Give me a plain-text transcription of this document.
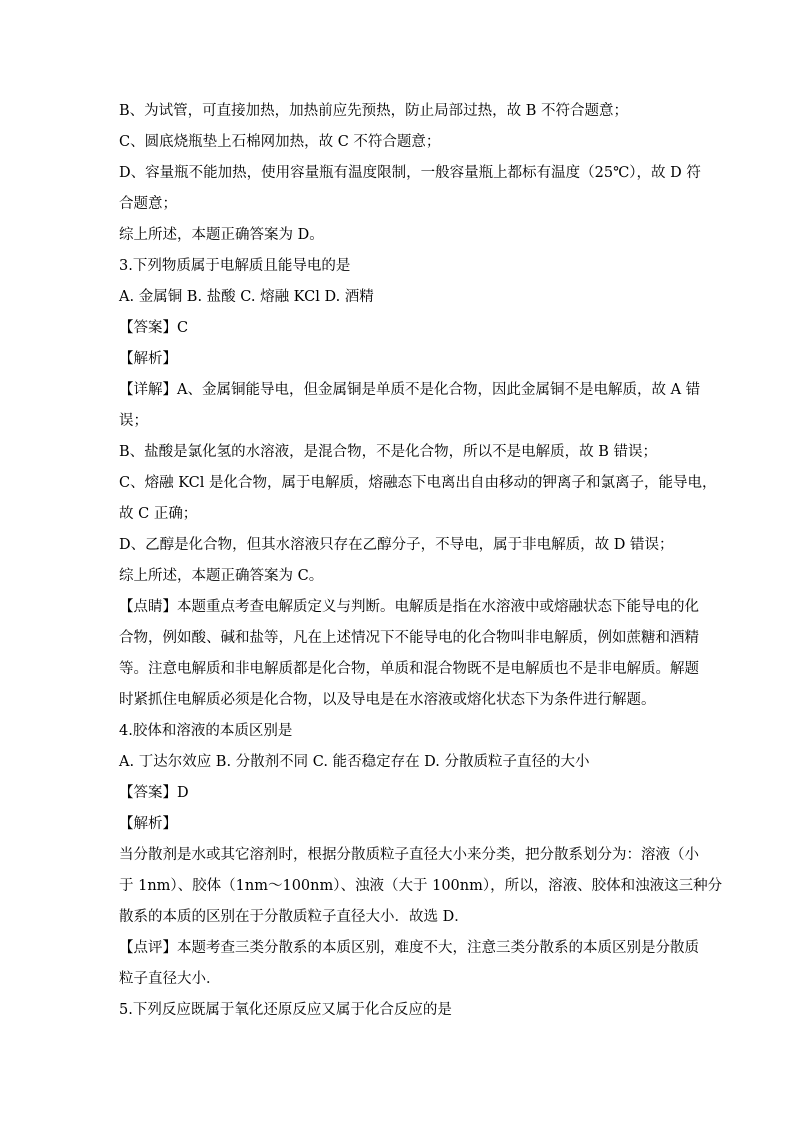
B、为试管，可直接加热，加热前应先预热，防止局部过热，故 B 不符合题意；
C、圆底烧瓶垫上石棉网加热，故 C 不符合题意；
D、容量瓶不能加热，使用容量瓶有温度限制，一般容量瓶上都标有温度（25℃），故 D 符
合题意；
综上所述，本题正确答案为 D。
3.下列物质属于电解质且能导电的是
A. 金属铜 B. 盐酸 C. 熔融 KCl D. 酒精
【答案】C
【解析】
【详解】A、金属铜能导电，但金属铜是单质不是化合物，因此金属铜不是电解质，故 A 错
误；
B、盐酸是氯化氢的水溶液，是混合物，不是化合物，所以不是电解质，故 B 错误；
C、熔融 KCl 是化合物，属于电解质，熔融态下电离出自由移动的钾离子和氯离子，能导电，
故 C 正确；
D、乙醇是化合物，但其水溶液只存在乙醇分子，不导电，属于非电解质，故 D 错误；
综上所述，本题正确答案为 C。
【点睛】本题重点考查电解质定义与判断。电解质是指在水溶液中或熔融状态下能导电的化
合物，例如酸、碱和盐等，凡在上述情况下不能导电的化合物叫非电解质，例如蔗糖和酒精
等。注意电解质和非电解质都是化合物，单质和混合物既不是电解质也不是非电解质。解题
时紧抓住电解质必须是化合物，以及导电是在水溶液或熔化状态下为条件进行解题。
4.胶体和溶液的本质区别是
A. 丁达尔效应 B. 分散剂不同 C. 能否稳定存在 D. 分散质粒子直径的大小
【答案】D
【解析】
当分散剂是水或其它溶剂时，根据分散质粒子直径大小来分类，把分散系划分为：溶液（小
于 1nm）、胶体（1nm～100nm）、浊液（大于 100nm），所以，溶液、胶体和浊液这三种分
散系的本质的区别在于分散质粒子直径大小．故选 D．
【点评】本题考查三类分散系的本质区别，难度不大，注意三类分散系的本质区别是分散质
粒子直径大小．
5.下列反应既属于氧化还原反应又属于化合反应的是
